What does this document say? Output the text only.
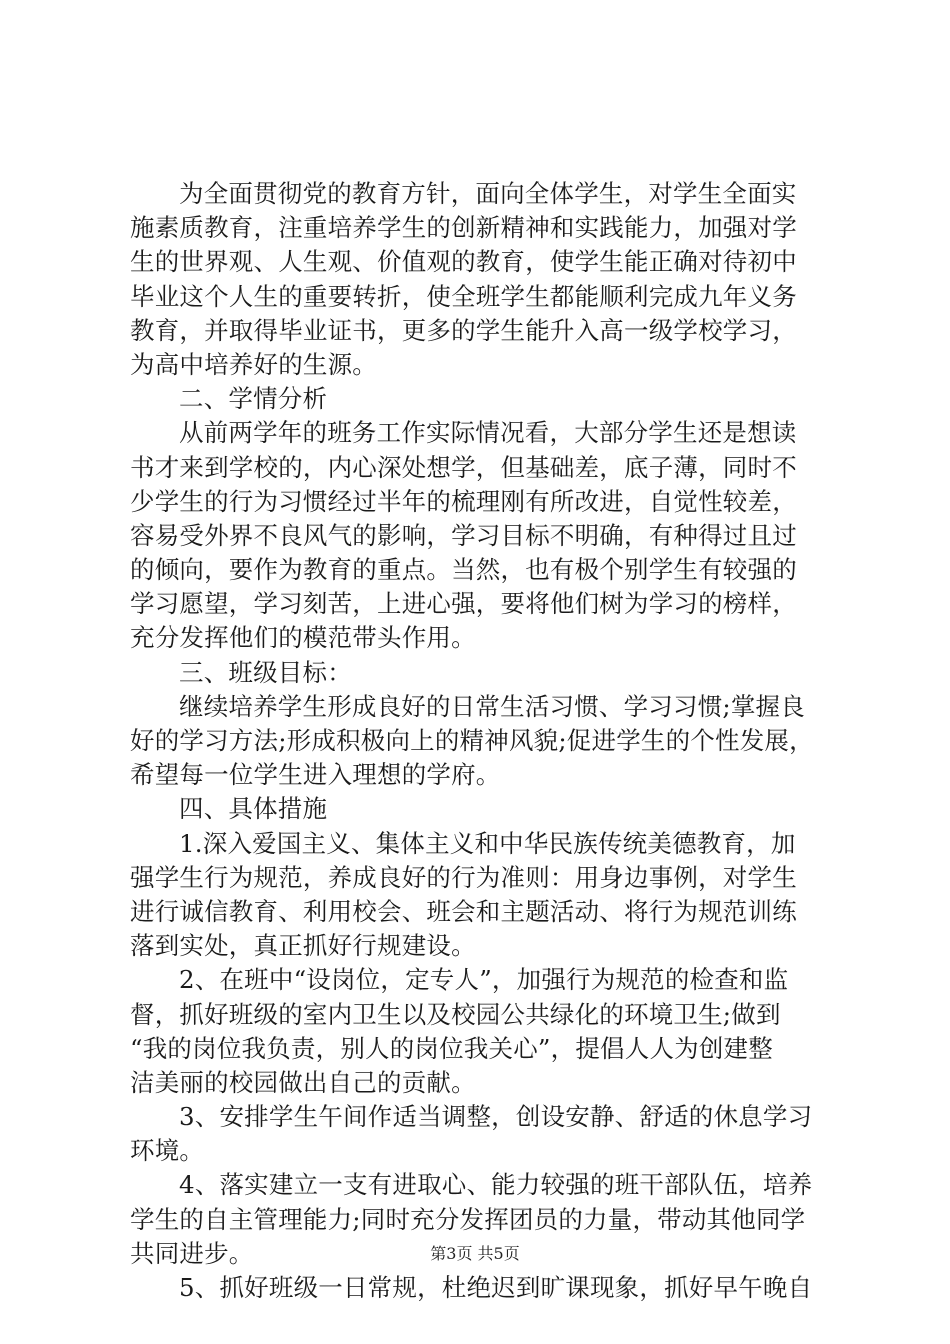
为全面贯彻党的教育方针，面向全体学生，对学生全面实
施素质教育，注重培养学生的创新精神和实践能力，加强对学
生的世界观、人生观、价值观的教育，使学生能正确对待初中
毕业这个人生的重要转折，使全班学生都能顺利完成九年义务
教育，并取得毕业证书，更多的学生能升入高一级学校学习，
为高中培养好的生源。
二、学情分析
从前两学年的班务工作实际情况看，大部分学生还是想读
书才来到学校的，内心深处想学，但基础差，底子薄，同时不
少学生的行为习惯经过半年的梳理刚有所改进，自觉性较差，
容易受外界不良风气的影响，学习目标不明确，有种得过且过
的倾向，要作为教育的重点。当然，也有极个别学生有较强的
学习愿望，学习刻苦，上进心强，要将他们树为学习的榜样，
充分发挥他们的模范带头作用。
三、班级目标：
继续培养学生形成良好的日常生活习惯、学习习惯;掌握良
好的学习方法;形成积极向上的精神风貌;促进学生的个性发展，
希望每一位学生进入理想的学府。
四、具体措施
1.深入爱国主义、集体主义和中华民族传统美德教育，加
强学生行为规范，养成良好的行为准则：用身边事例，对学生
进行诚信教育、利用校会、班会和主题活动、将行为规范训练
落到实处，真正抓好行规建设。
2、在班中“设岗位，定专人”，加强行为规范的检查和监
督，抓好班级的室内卫生以及校园公共绿化的环境卫生;做到
“我的岗位我负责，别人的岗位我关心”，提倡人人为创建整
洁美丽的校园做出自己的贡献。
3、安排学生午间作适当调整，创设安静、舒适的休息学习
环境。
4、落实建立一支有进取心、能力较强的班干部队伍，培养
学生的自主管理能力;同时充分发挥团员的力量，带动其他同学
共同进步。
5、抓好班级一日常规，杜绝迟到旷课现象，抓好早午晚自
第3页 共5页
